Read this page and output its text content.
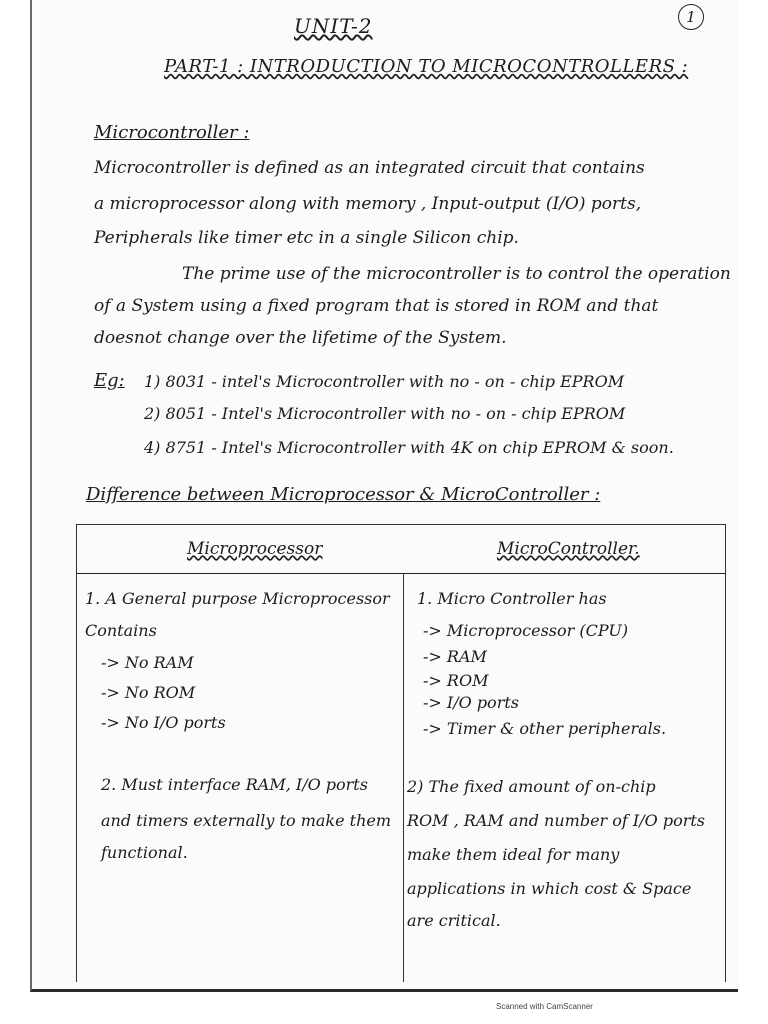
UNIT-2	1
PART-1 : INTRODUCTION TO MICROCONTROLLERS :
Microcontroller :
Microcontroller is defined as an integrated circuit that contains
a microprocessor along with memory , Input-output (I/O) ports,
Peripherals like timer etc in a single Silicon chip.
The prime use of the microcontroller is to control the operation
of a System using a fixed program that is stored in ROM and that
doesnot change over the lifetime of the System.
Eg: 1) 8031 - intel's Microcontroller with no - on - chip EPROM
2) 8051 - Intel's Microcontroller with no - on - chip EPROM
4) 8751 - Intel's Microcontroller with 4K on chip EPROM & soon.
Difference between Microprocessor & MicroController :
Microprocessor	MicroController.
1. A General purpose Microprocessor
Contains
-> No RAM
-> No ROM
-> No I/O ports
1. Micro Controller has
-> Microprocessor (CPU)
-> RAM
-> ROM
-> I/O ports
-> Timer & other peripherals.
2. Must interface RAM, I/O ports
and timers externally to make them
functional.
2) The fixed amount of on-chip
ROM , RAM and number of I/O ports
make them ideal for many
applications in which cost & Space
are critical.
Scanned with CamScanner
